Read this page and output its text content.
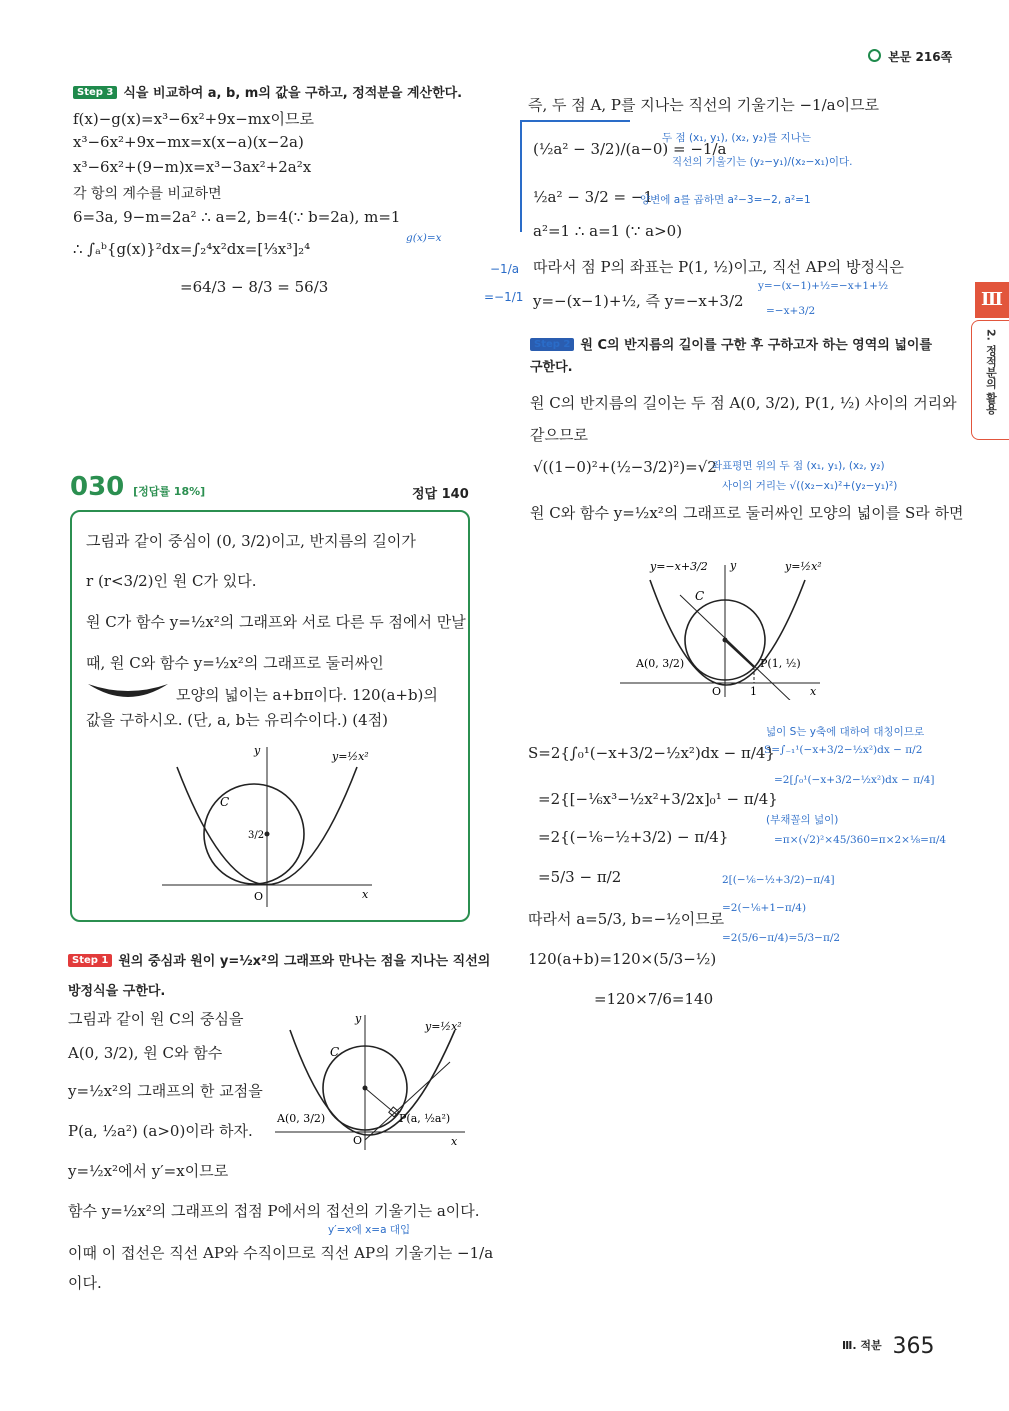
본문 216쪽
Ⅲ
2. 정적분의 활용
Step 3 식을 비교하여 a, b, m의 값을 구하고, 정적분을 계산한다.
f(x)−g(x)=x³−6x²+9x−mx이므로
x³−6x²+9x−mx=x(x−a)(x−2a)
x³−6x²+(9−m)x=x³−3ax²+2a²x
각 항의 계수를 비교하면
6=3a, 9−m=2a² ∴ a=2, b=4(∵ b=2a), m=1
g(x)=x
∴ ∫ₐᵇ{g(x)}²dx=∫₂⁴x²dx=[⅓x³]₂⁴
=64/3 − 8/3 = 56/3
030 [정답률 18%]	정답 140
그림과 같이 중심이 (0, 3/2)이고, 반지름의 길이가
r (r<3/2)인 원 C가 있다.
원 C가 함수 y=½x²의 그래프와 서로 다른 두 점에서 만날
때, 원 C와 함수 y=½x²의 그래프로 둘러싸인
모양의 넓이는 a+bπ이다. 120(a+b)의
값을 구하시오. (단, a, b는 유리수이다.) (4점)
y
x
y=½x²
C
3/2
O
Step 1 원의 중심과 원이 y=½x²의 그래프와 만나는 점을 지나는 직선의
방정식을 구한다.
그림과 같이 원 C의 중심을
A(0, 3/2), 원 C와 함수
y=½x²의 그래프의 한 교점을
P(a, ½a²) (a>0)이라 하자.
y=½x²에서 y′=x이므로
함수 y=½x²의 그래프의 접점 P에서의 접선의 기울기는 a이다.
y′=x에 x=a 대입
이때 이 접선은 직선 AP와 수직이므로 직선 AP의 기울기는 −1/a
이다.
y
x
y=½x²
C
A(0, 3/2)	P(a, ½a²)
O
즉, 두 점 A, P를 지나는 직선의 기울기는 −1/a이므로
(½a² − 3/2)/(a−0) = −1/a
두 점 (x₁, y₁), (x₂, y₂)를 지나는
직선의 기울기는 (y₂−y₁)/(x₂−x₁)이다.
½a² − 3/2 = −1
양변에 a를 곱하면 a²−3=−2, a²=1
a²=1 ∴ a=1 (∵ a>0)
−1/a
=−1/1
따라서 점 P의 좌표는 P(1, ½)이고, 직선 AP의 방정식은
y=−(x−1)+½, 즉 y=−x+3/2
y=−(x−1)+½=−x+1+½
=−x+3/2
Step 2 원 C의 반지름의 길이를 구한 후 구하고자 하는 영역의 넓이를
구한다.
원 C의 반지름의 길이는 두 점 A(0, 3/2), P(1, ½) 사이의 거리와
같으므로
√((1−0)²+(½−3/2)²)=√2
좌표평면 위의 두 점 (x₁, y₁), (x₂, y₂)
사이의 거리는 √((x₂−x₁)²+(y₂−y₁)²)
원 C와 함수 y=½x²의 그래프로 둘러싸인 모양의 넓이를 S라 하면
y=−x+3/2 y	y=½x²
C
A(0, 3/2)	P(1, ½)
O	1	x
넓이 S는 y축에 대하여 대칭이므로
S=∫₋₁¹(−x+3/2−½x²)dx − π/2
=2[∫₀¹(−x+3/2−½x²)dx − π/4]
S=2{∫₀¹(−x+3/2−½x²)dx − π/4}
=2{[−⅙x³−½x²+3/2x]₀¹ − π/4}
(부채꼴의 넓이)
=π×(√2)²×45/360=π×2×⅛=π/4
=2{(−⅙−½+3/2) − π/4}
=5/3 − π/2	2[(−⅙−½+3/2)−π/4]
=2(−⅙+1−π/4)
=2(5/6−π/4)=5/3−π/2
따라서 a=5/3, b=−½이므로
120(a+b)=120×(5/3−½)
=120×7/6=140
$^{Ⅲ. 적분}$ 365
